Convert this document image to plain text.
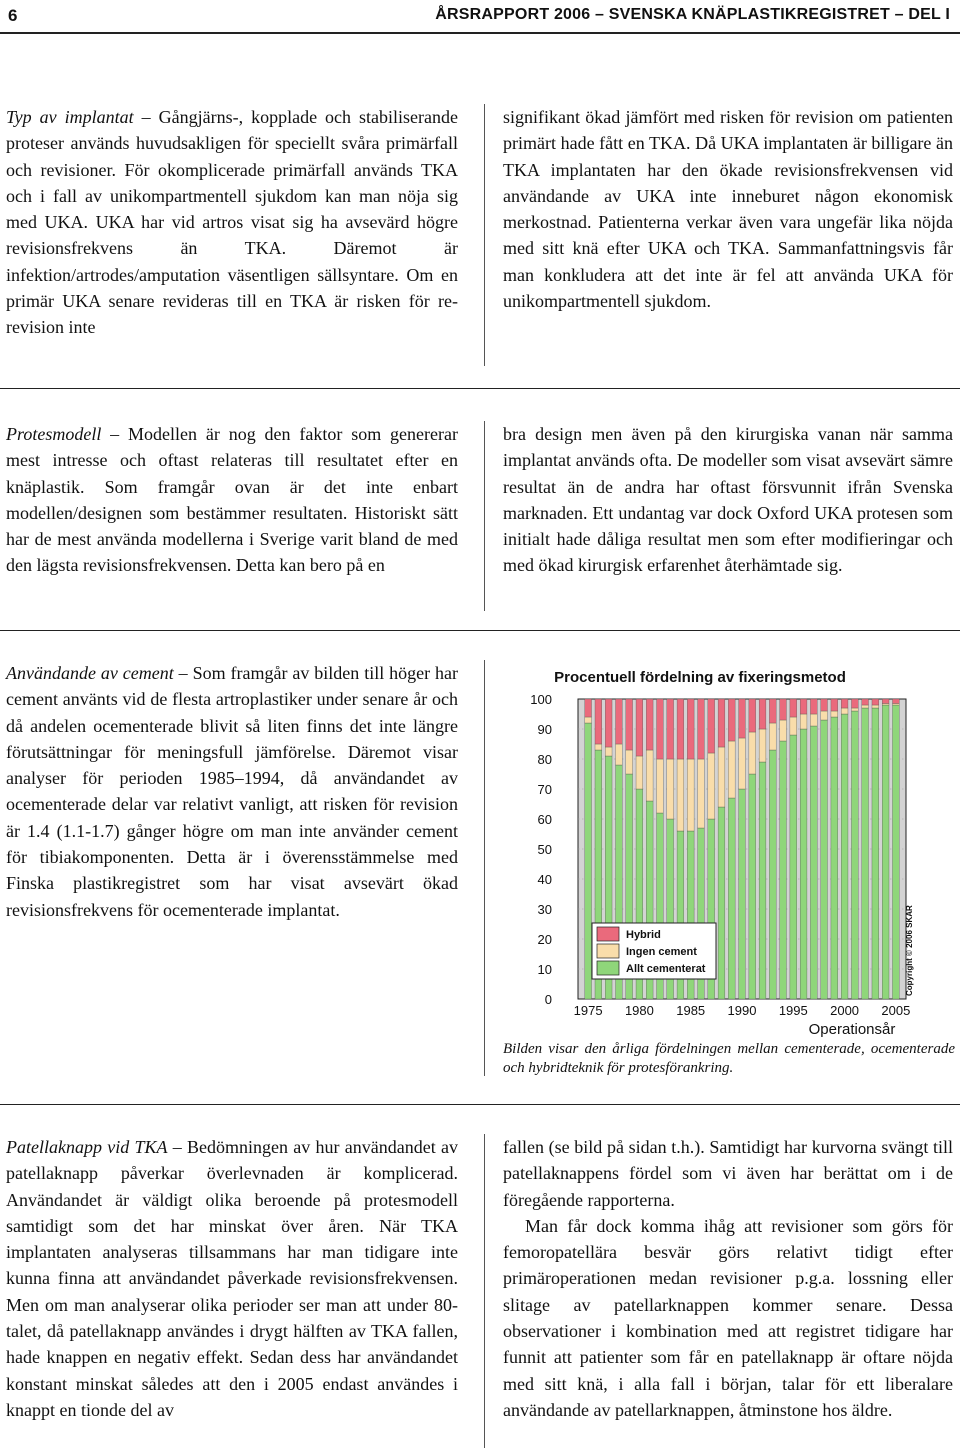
6	ÅRSRAPPORT 2006 – SVENSKA KNÄPLASTIKREGISTRET – DEL I

Typ av implantat – Gångjärns-, kopplade och stabiliserande proteser används huvudsakligen för speciellt svåra primärfall och revisioner. För okomplicerade primärfall används TKA och i fall av unikompartmentell sjukdom kan man nöja sig med UKA. UKA har vid artros visat sig ha avsevärd högre revisionsfrekvens än TKA. Däremot är infektion/artrodes/amputation väsentligen sällsyntare. Om en primär UKA senare revideras till en TKA är risken för re-revision inte

signifikant ökad jämfört med risken för revision om patienten primärt hade fått en TKA. Då UKA implantaten är billigare än TKA implantaten har den ökade revisionsfrekvensen vid användande av UKA inte inneburet någon ekonomisk merkostnad. Patienterna verkar även vara ungefär lika nöjda med sitt knä efter UKA och TKA. Sammanfattningsvis får man konkludera att det inte är fel att använda UKA för unikompartmentell sjukdom.

Protesmodell – Modellen är nog den faktor som genererar mest intresse och oftast relateras till resultatet efter en knäplastik. Som framgår ovan är det inte enbart modellen/designen som bestämmer resultaten. Historiskt sätt har de mest använda modellerna i Sverige varit bland de med den lägsta revisionsfrekvensen. Detta kan bero på en

bra design men även på den kirurgiska vanan när samma implantat används ofta. De modeller som visat avsevärt sämre resultat än de andra har oftast försvunnit ifrån Svenska marknaden. Ett undantag var dock Oxford UKA protesen som initialt hade dåliga resultat men som efter modifieringar och med ökad kirurgisk erfarenhet återhämtade sig.

Användande av cement – Som framgår av bilden till höger har cement använts vid de flesta artroplastiker under senare år och då andelen ocementerade blivit så liten finns det inte längre förutsättningar för meningsfull jämförelse. Däremot visar analyser för perioden 1985–1994, då användandet av ocementerade delar var relativt vanligt, att risken för revision är 1.4 (1.1-1.7) gånger högre om man inte använder cement för tibiakomponenten. Detta är i överensstämmelse med Finska plastikregistret som har visat avsevärt ökad revisionsfrekvens för ocementerade implantat.

Procentuell fördelning av fixeringsmetod
0
10
20
30
40
50
60
70
80
90
100
1975 1980 1985 1990 1995 2000 2005
Hybrid
Ingen cement
Allt cementerat	Copyright © 2006 SKAR
Operationsår
Bilden visar den årliga fördelningen mellan cementerade, ocementerade och hybridteknik för protesförankring.

Patellaknapp vid TKA – Bedömningen av hur användandet av patellaknapp påverkar överlevnaden är komplicerad. Användandet är väldigt olika beroende på protesmodell samtidigt som det har minskat över åren. När TKA implantaten analyseras tillsammans har man tidigare inte kunna finna att användandet påverkade revisionsfrekvensen. Men om man analyserar olika perioder ser man att under 80-talet, då patellaknapp användes i drygt hälften av TKA fallen, hade knappen en negativ effekt. Sedan dess har användandet konstant minskat således att den i 2005 endast användes i knappt en tionde del av

fallen (se bild på sidan t.h.). Samtidigt har kurvorna svängt till patellaknappens fördel som vi även har berättat om i de föregående rapporterna.

Man får dock komma ihåg att revisioner som görs för femoropatellära besvär görs relativt tidigt efter primäroperationen medan revisioner p.g.a. lossning eller slitage av patellarknappen kommer senare. Dessa observationer i kombination med att registret tidigare har funnit att patienter som får en patellaknapp är oftare nöjda med sitt knä, i alla fall i början, talar för ett liberalare användande av patellarknappen, åtminstone hos äldre.
